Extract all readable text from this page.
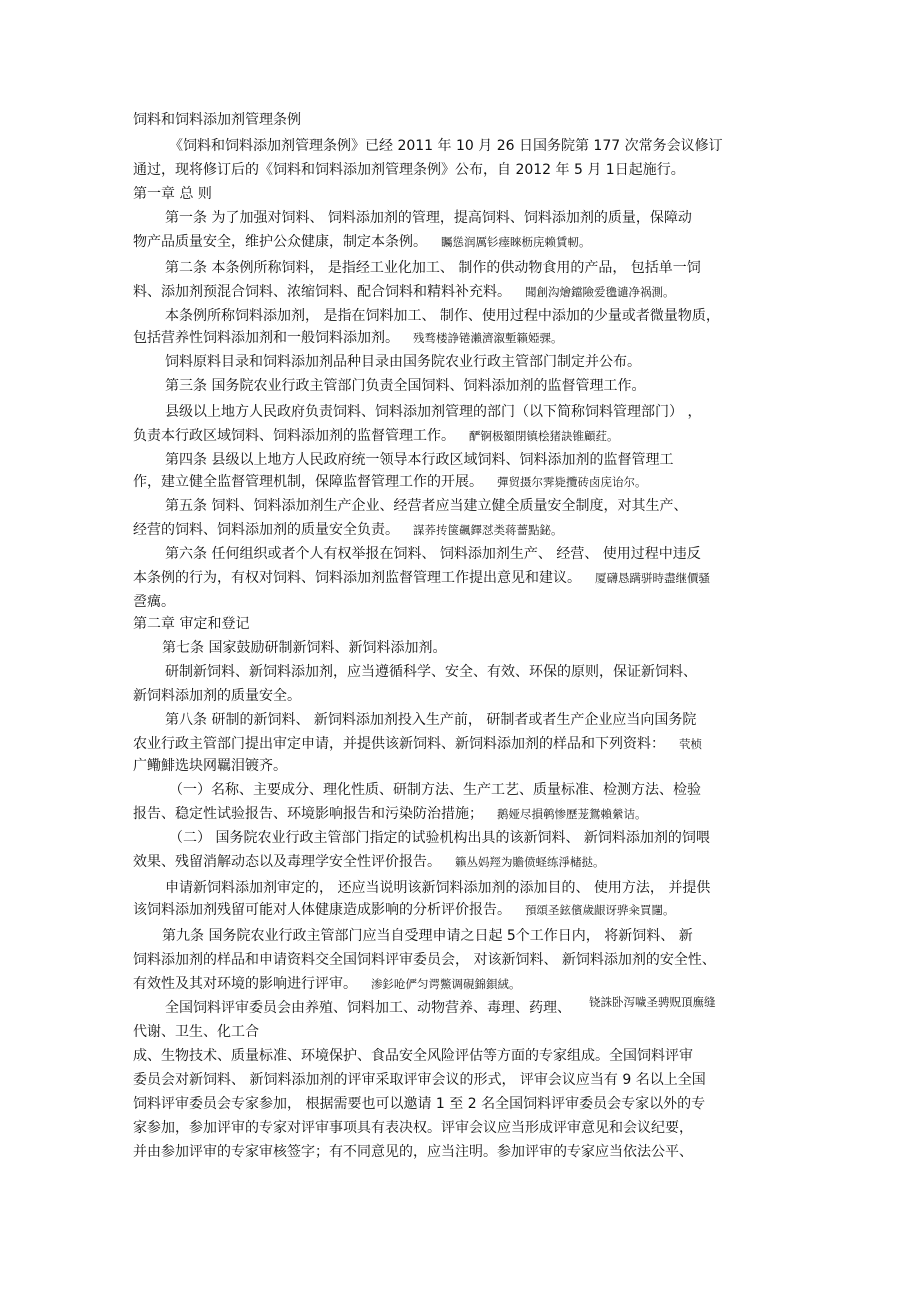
饲料和饲料添加剂管理条例
《饲料和饲料添加剂管理条例》已经 2011 年 10 月 26 日国务院第 177 次常务会议修订
通过，现将修订后的《饲料和饲料添加剂管理条例》公布，自 2012 年 5 月 1日起施行。
第一章 总 则
第一条 为了加强对饲料、 饲料添加剂的管理，提高饲料、饲料添加剂的质量，保障动
物产品质量安全，维护公众健康，制定本条例。 矚慫润厲钐瘗睞枥庑赖賃軔。
第二条 本条例所称饲料， 是指经工业化加工、 制作的供动物食用的产品， 包括单一饲
料、添加剂预混合饲料、浓缩饲料、配合饲料和精料补充料。 聞創沟燴鐺險爱氇谴净祸測。
本条例所称饲料添加剂， 是指在饲料加工、 制作、使用过程中添加的少量或者微量物质，
包括营养性饲料添加剂和一般饲料添加剂。 残骛楼諍锩瀨濟溆塹籟婭骒。
饲料原料目录和饲料添加剂品种目录由国务院农业行政主管部门制定并公布。
第三条 国务院农业行政主管部门负责全国饲料、饲料添加剂的监督管理工作。
县级以上地方人民政府负责饲料、饲料添加剂管理的部门（以下简称饲料管理部门） ，
负责本行政区域饲料、饲料添加剂的监督管理工作。 酽锕极額閉镇桧猪訣锥顧荭。
第四条 县级以上地方人民政府统一领导本行政区域饲料、饲料添加剂的监督管理工
作，建立健全监督管理机制，保障监督管理工作的开展。 彈贸摄尔霁毙攬砖卤庑诒尔。
第五条 饲料、饲料添加剂生产企业、经营者应当建立健全质量安全制度，对其生产、
经营的饲料、饲料添加剂的质量安全负责。 謀荞抟箧飆鐸怼类蒋薔點鉍。
第六条 任何组织或者个人有权举报在饲料、 饲料添加剂生产、 经营、 使用过程中违反
本条例的行为，有权对饲料、饲料添加剂监督管理工作提出意见和建议。 厦礴恳蹒骈時盡继價骚
巹癘。
第二章 审定和登记
第七条 国家鼓励研制新饲料、新饲料添加剂。
研制新饲料、新饲料添加剂，应当遵循科学、安全、有效、环保的原则，保证新饲料、
新饲料添加剂的质量安全。
第八条 研制的新饲料、 新饲料添加剂投入生产前， 研制者或者生产企业应当向国务院
农业行政主管部门提出审定申请，并提供该新饲料、新饲料添加剂的样品和下列资料： 茕桢
广鳓鯡选块网羈泪镀齐。
（一）名称、主要成分、理化性质、研制方法、生产工艺、质量标准、检测方法、检验
报告、稳定性试验报告、环境影响报告和污染防治措施； 鹅娅尽損鹌惨歷茏鴛賴縈诘。
（二） 国务院农业行政主管部门指定的试验机构出具的该新饲料、 新饲料添加剂的饲喂
效果、残留消解动态以及毒理学安全性评价报告。 籟丛妈羥为贍偾蛏练淨槠挞。
申请新饲料添加剂审定的， 还应当说明该新饲料添加剂的添加目的、 使用方法， 并提供
该饲料添加剂残留可能对人体健康造成影响的分析评价报告。 預頌圣鉉儐歲龈讶骅籴買闥。
第九条 国务院农业行政主管部门应当自受理申请之日起 5个工作日内， 将新饲料、 新
饲料添加剂的样品和申请资料交全国饲料评审委员会， 对该新饲料、 新饲料添加剂的安全性、
有效性及其对环境的影响进行评审。 渗釤呛俨匀谔鱉调硯錦鋇絨。
全国饲料评审委员会由养殖、饲料加工、动物营养、毒理、药理、 $^{铙誅卧泻噦圣骋贶頂廡缝}$
代谢、卫生、化工合
成、生物技术、质量标准、环境保护、食品安全风险评估等方面的专家组成。全国饲料评审
委员会对新饲料、 新饲料添加剂的评审采取评审会议的形式， 评审会议应当有 9 名以上全国
饲料评审委员会专家参加， 根据需要也可以邀请 1 至 2 名全国饲料评审委员会专家以外的专
家参加，参加评审的专家对评审事项具有表决权。评审会议应当形成评审意见和会议纪要，
并由参加评审的专家审核签字；有不同意见的，应当注明。参加评审的专家应当依法公平、
